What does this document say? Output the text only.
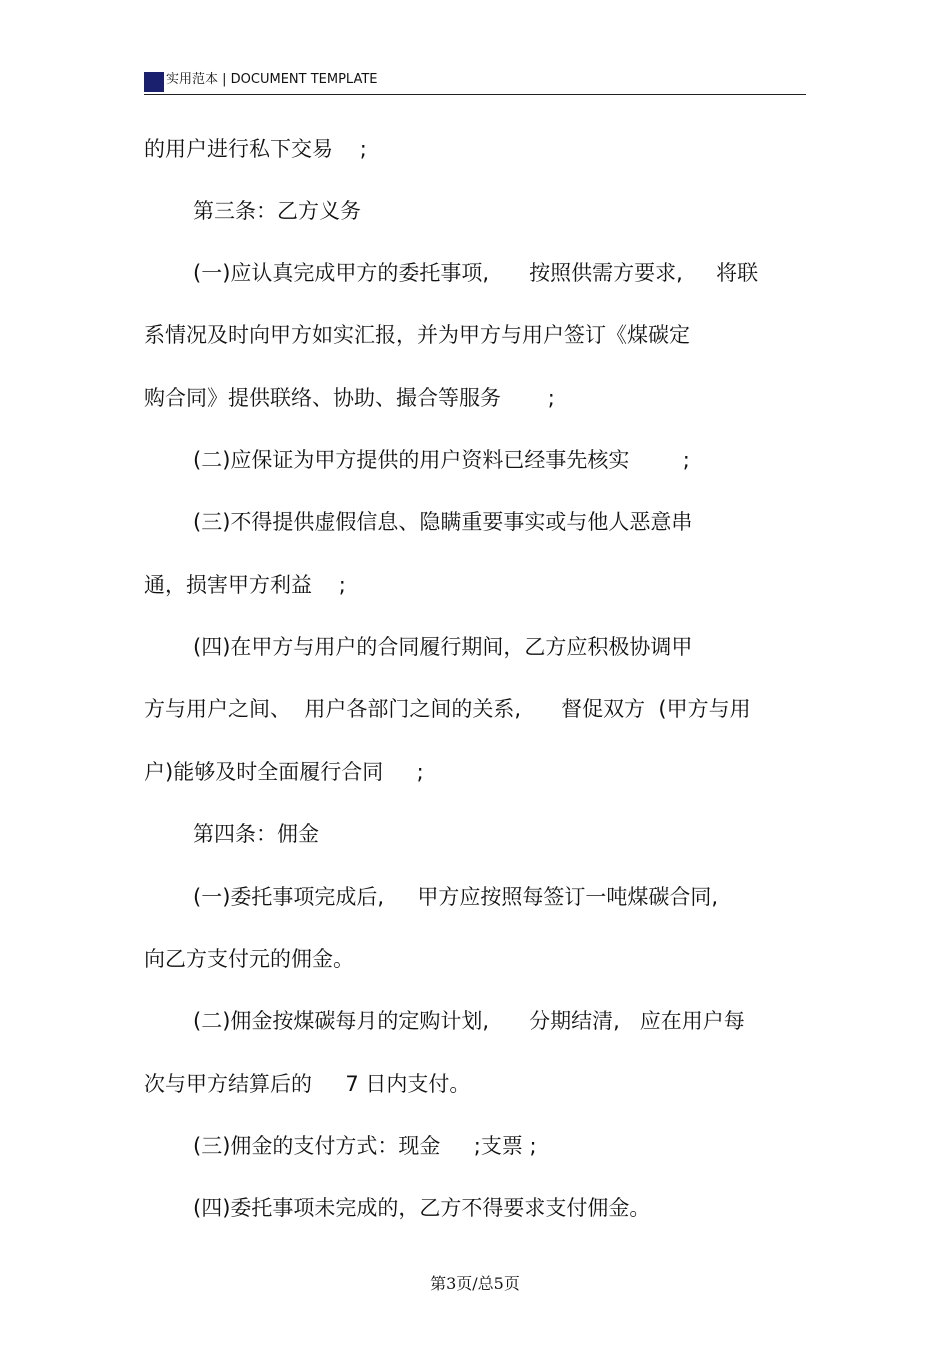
实用范本 | DOCUMENT TEMPLATE
的用户进行私下交易    ;
第三条：乙方义务
(一)应认真完成甲方的委托事项,      按照供需方要求,     将联
系情况及时向甲方如实汇报，并为甲方与用户签订《煤碳定
购合同》提供联络、协助、撮合等服务       ;
(二)应保证为甲方提供的用户资料已经事先核实        ;
(三)不得提供虚假信息、隐瞒重要事实或与他人恶意串
通，损害甲方利益    ;
(四)在甲方与用户的合同履行期间，乙方应积极协调甲
方与用户之间、  用户各部门之间的关系,      督促双方  (甲方与用
户)能够及时全面履行合同     ;
第四条：佣金
(一)委托事项完成后,     甲方应按照每签订一吨煤碳合同,
向乙方支付元的佣金。
(二)佣金按煤碳每月的定购计划,      分期结清,   应在用户每
次与甲方结算后的     7 日内支付。
(三)佣金的支付方式：现金     ;支票 ;
(四)委托事项未完成的，乙方不得要求支付佣金。
第3页/总5页
